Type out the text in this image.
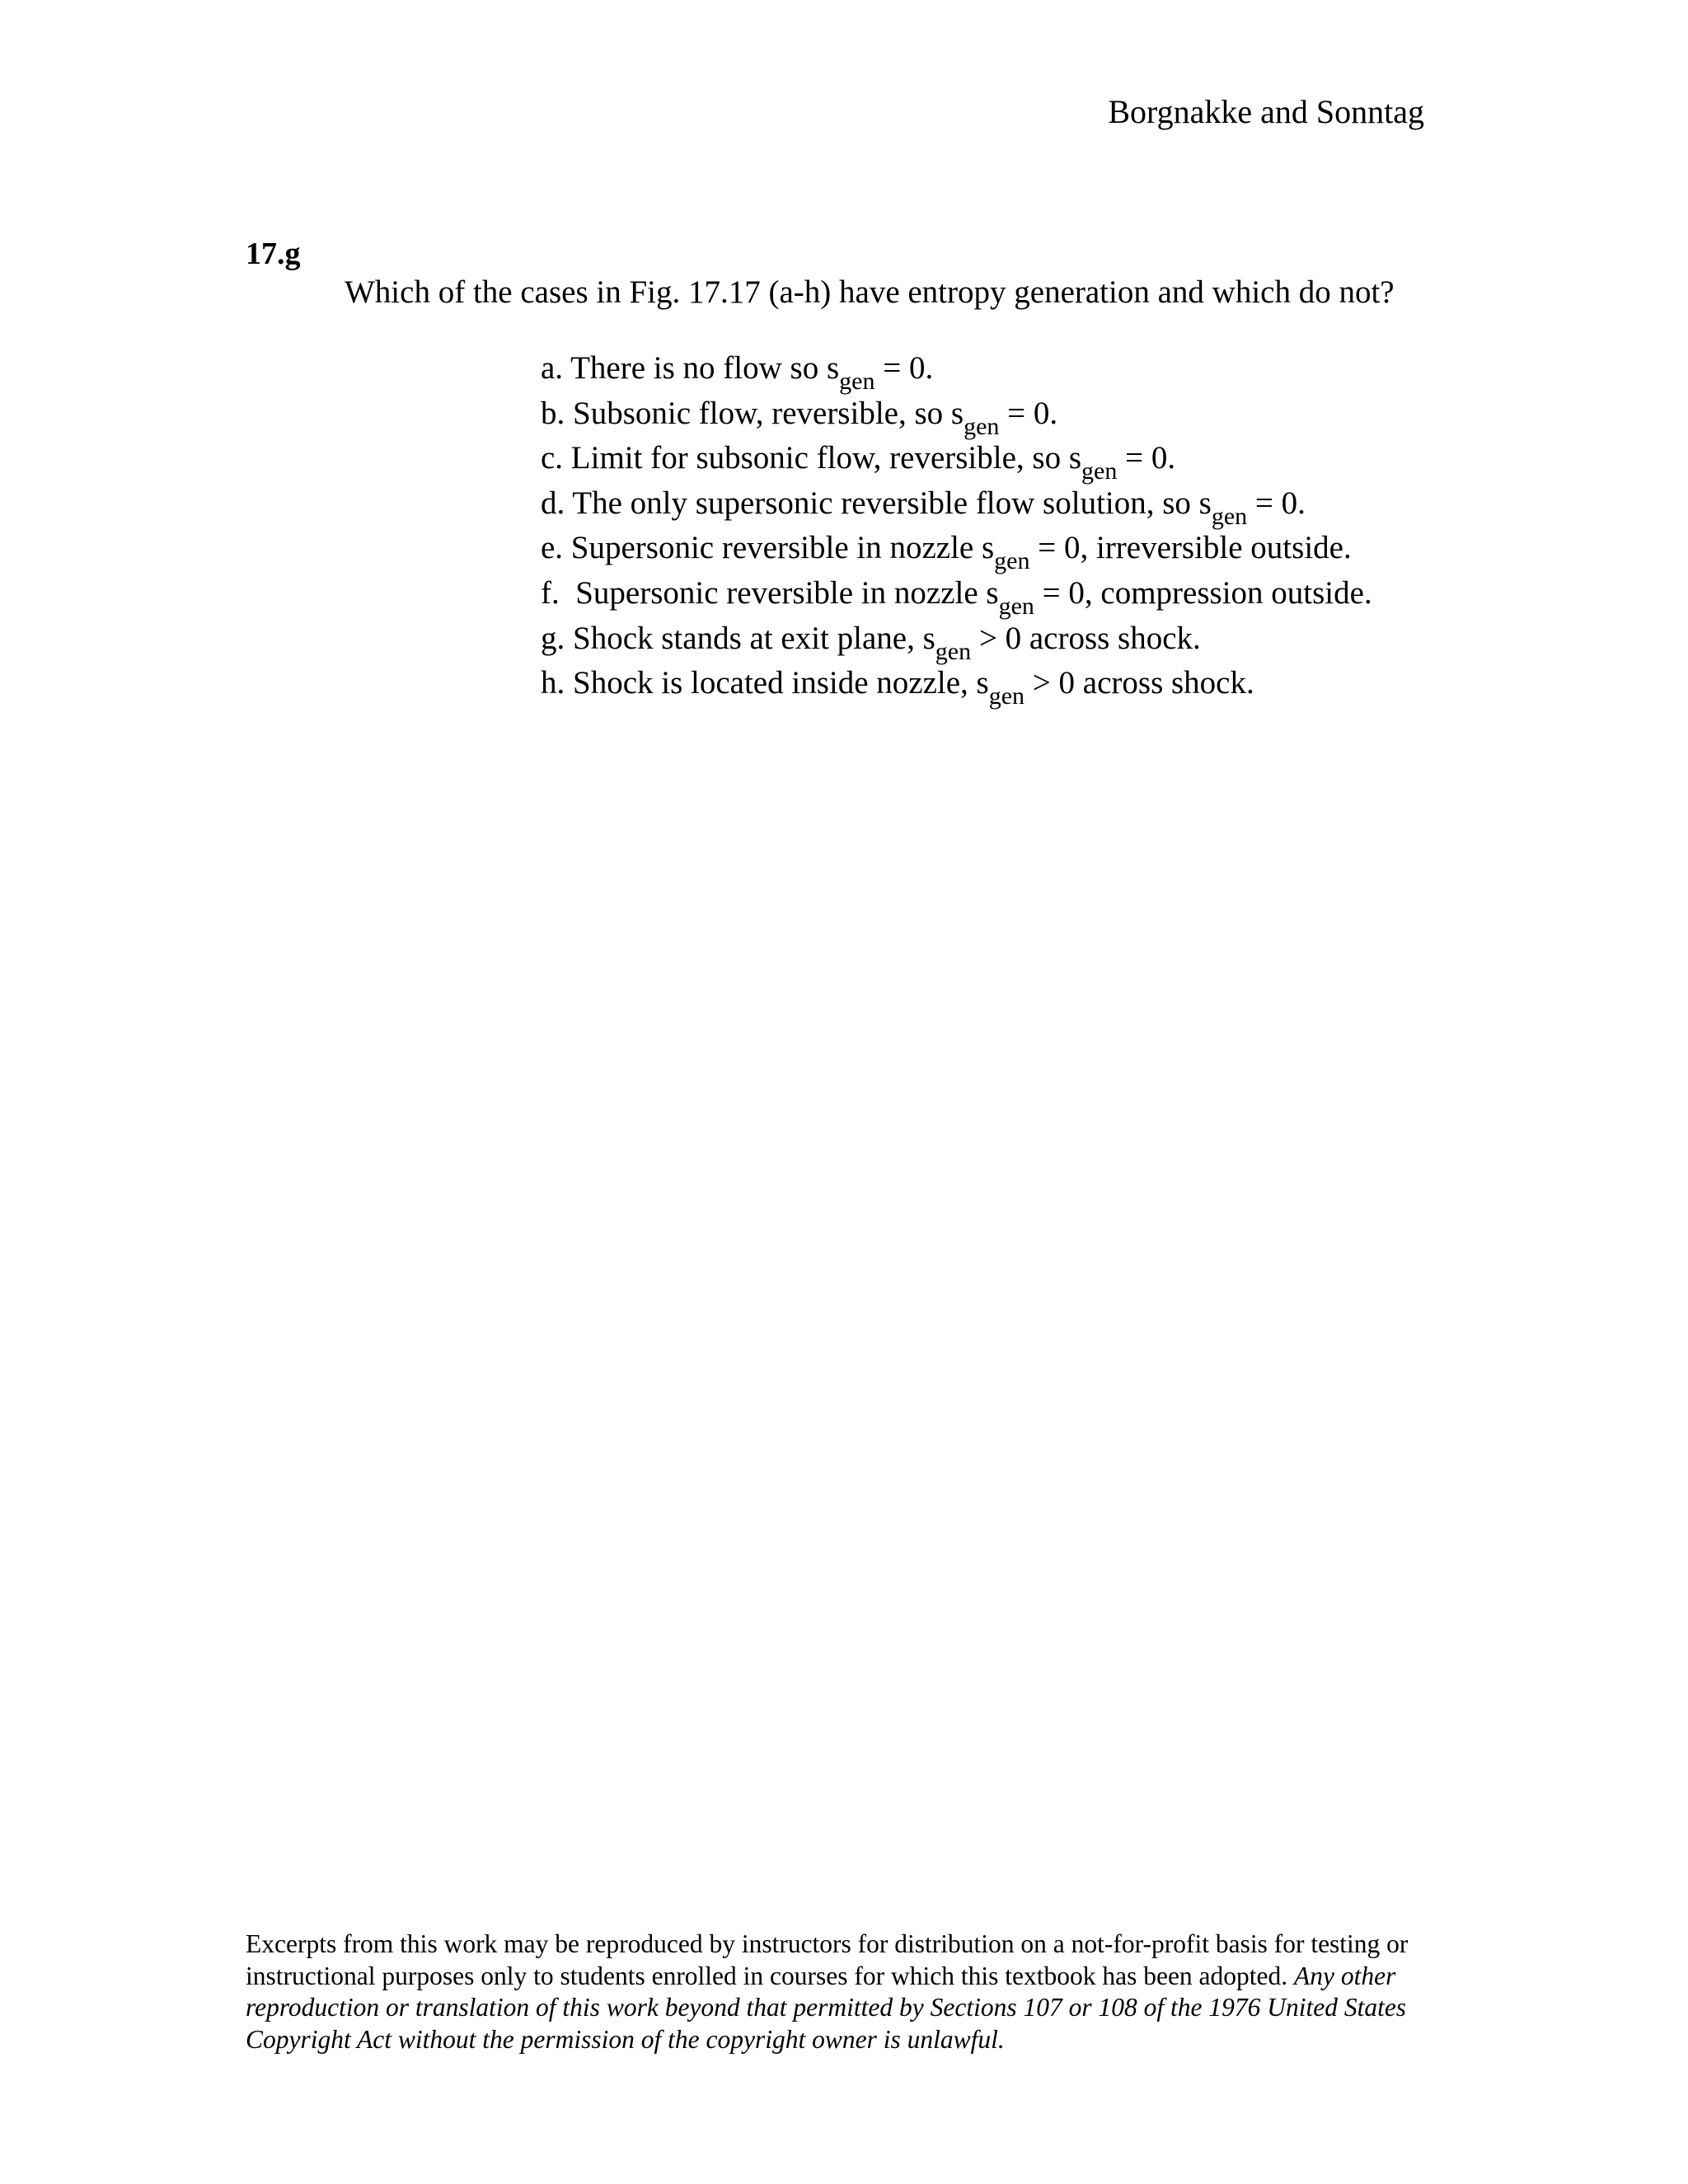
Borgnakke and Sonntag
17.g
Which of the cases in Fig. 17.17 (a-h) have entropy generation and which do not?
a. There is no flow so $s_{gen} = 0$.
b. Subsonic flow, reversible, so $s_{gen} = 0$.
c. Limit for subsonic flow, reversible, so $s_{gen} = 0$.
d. The only supersonic reversible flow solution, so $s_{gen} = 0$.
e. Supersonic reversible in nozzle $s_{gen} = 0$, irreversible outside.
f.  Supersonic reversible in nozzle $s_{gen} = 0$, compression outside.
g. Shock stands at exit plane, $s_{gen} > 0$ across shock.
h. Shock is located inside nozzle, $s_{gen} > 0$ across shock.
Excerpts from this work may be reproduced by instructors for distribution on a not-for-profit basis for testing or instructional purposes only to students enrolled in courses for which this textbook has been adopted. Any other reproduction or translation of this work beyond that permitted by Sections 107 or 108 of the 1976 United States Copyright Act without the permission of the copyright owner is unlawful.
